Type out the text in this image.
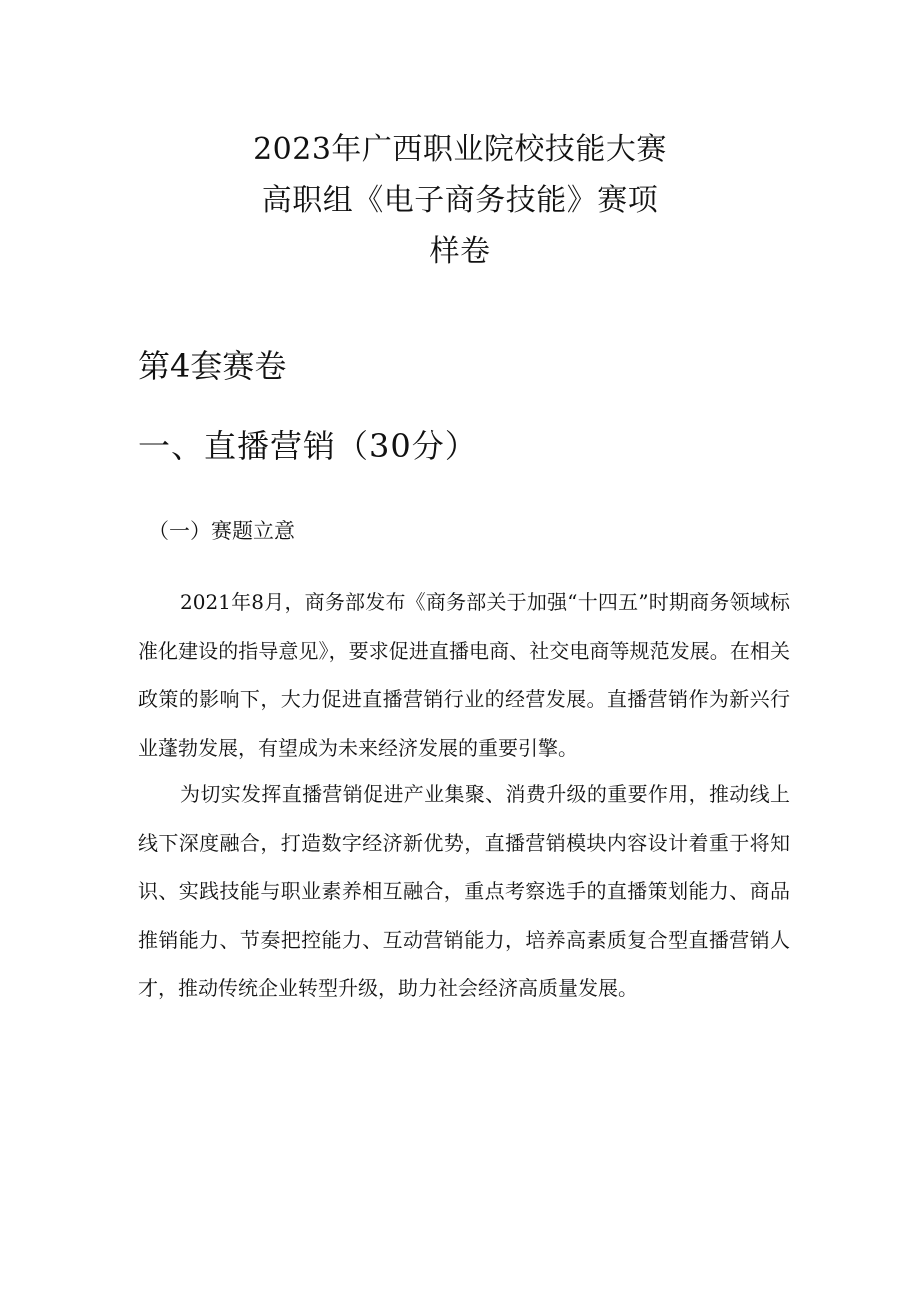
2023年广西职业院校技能大赛
高职组《电子商务技能》赛项
样卷
第4套赛卷
一、直播营销（30分）
（一）赛题立意

2021年8月，商务部发布《商务部关于加强“十四五”时期商务领域标准化建设的指导意见》，要求促进直播电商、社交电商等规范发展。在相关政策的影响下，大力促进直播营销行业的经营发展。直播营销作为新兴行业蓬勃发展，有望成为未来经济发展的重要引擎。

为切实发挥直播营销促进产业集聚、消费升级的重要作用，推动线上线下深度融合，打造数字经济新优势，直播营销模块内容设计着重于将知识、实践技能与职业素养相互融合，重点考察选手的直播策划能力、商品推销能力、节奏把控能力、互动营销能力，培养高素质复合型直播营销人才，推动传统企业转型升级，助力社会经济高质量发展。
